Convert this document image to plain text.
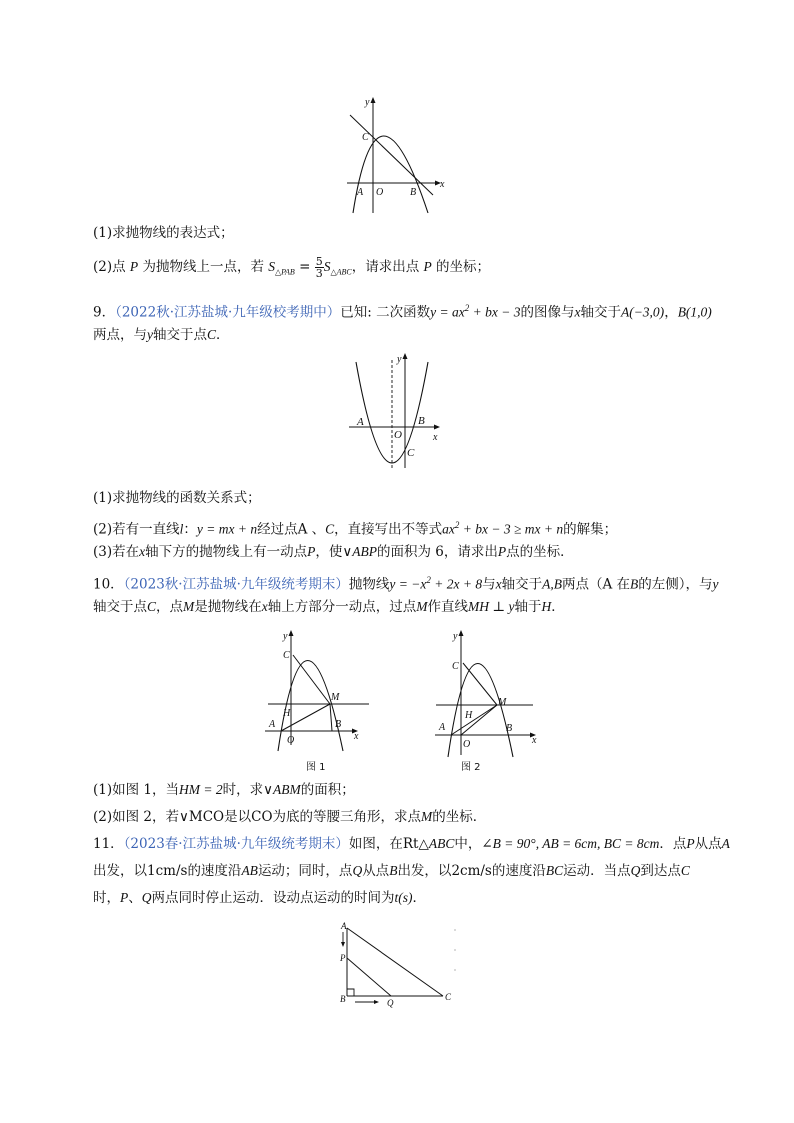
y
x
C
A O	B
(1)求抛物线的表达式；
(2)点 P 为抛物线上一点，若 $S_{\triangle PAB} = \frac{5}{3} S_{\triangle ABC}$，请求出点 P 的坐标；
9．（2022秋·江苏盐城·九年级校考期中）已知: 二次函数$y = ax^2$ + bx − 3的图像与x轴交于A(−3,0)，B(1,0)
两点，与y轴交于点C．
y
x
A	B
O
C
(1)求抛物线的函数关系式；
(2)若有一直线l：y = mx + n经过点A 、C，直接写出不等式$ax^2$ + bx − 3 ≥ mx + n的解集；
(3)若在x轴下方的抛物线上有一动点P，使∨ABP的面积为 6，请求出P点的坐标．
10．（2023秋·江苏盐城·九年级统考期末）抛物线$y = -x^2 + 2x + 8$与x轴交于A,B两点（A 在B的左侧），与y
轴交于点C，点M是抛物线在x轴上方部分一动点，过点M作直线MH ⊥ y轴于H．
y
x
C
M
H
A
O
B
图 1
y
x
C
M
H
A
O
B
图 2
(1)如图 1，当HM = 2时，求∨ABM的面积；
(2)如图 2，若∨MCO是以CO为底的等腰三角形，求点M的坐标．
11．（2023春·江苏盐城·九年级统考期末）如图，在Rt△ABC中，∠B = 90°, AB = 6cm, BC = 8cm．点P从点A
出发，以1cm/s的速度沿AB运动；同时，点Q从点B出发，以2cm/s的速度沿BC运动．当点Q到达点C
时，P、Q两点同时停止运动．设动点运动的时间为t(s)．
A
P
B	Q
C
